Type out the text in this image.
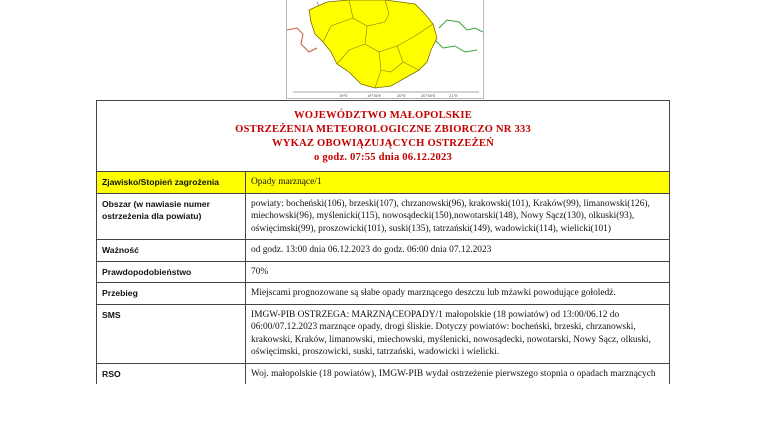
19°E	19°30'E	20°E	20°30'E	21°E
WOJEWÓDZTWO MAŁOPOLSKIE
OSTRZEŻENIA METEOROLOGICZNE ZBIORCZO NR 333
WYKAZ OBOWIĄZUJĄCYCH OSTRZEŻEŃ
o godz. 07:55 dnia 06.12.2023
Zjawisko/Stopień zagrożenia	Opady marznące/1
Obszar (w nawiasie numer ostrzeżenia dla powiatu)	powiaty: bocheński(106), brzeski(107), chrzanowski(96), krakowski(101), Kraków(99), limanowski(126), miechowski(96), myślenicki(115), nowosądecki(150),nowotarski(148), Nowy Sącz(130), olkuski(93), oświęcimski(99), proszowicki(101), suski(135), tatrzański(149), wadowicki(114), wielicki(101)
Ważność	od godz. 13:00 dnia 06.12.2023 do godz. 06:00 dnia 07.12.2023
Prawdopodobieństwo	70%
Przebieg	Miejscami prognozowane są słabe opady marznącego deszczu lub mżawki powodujące gołoledź.
SMS	IMGW-PIB OSTRZEGA: MARZNĄCEOPADY/1 małopolskie (18 powiatów) od 13:00/06.12 do 06:00/07.12.2023 marznące opady, drogi śliskie. Dotyczy powiatów: bocheński, brzeski, chrzanowski, krakowski, Kraków, limanowski, miechowski, myślenicki, nowosądecki, nowotarski, Nowy Sącz, olkuski, oświęcimski, proszowicki, suski, tatrzański, wadowicki i wielicki.
RSO	Woj. małopolskie (18 powiatów), IMGW-PIB wydał ostrzeżenie pierwszego stopnia o opadach marznących
